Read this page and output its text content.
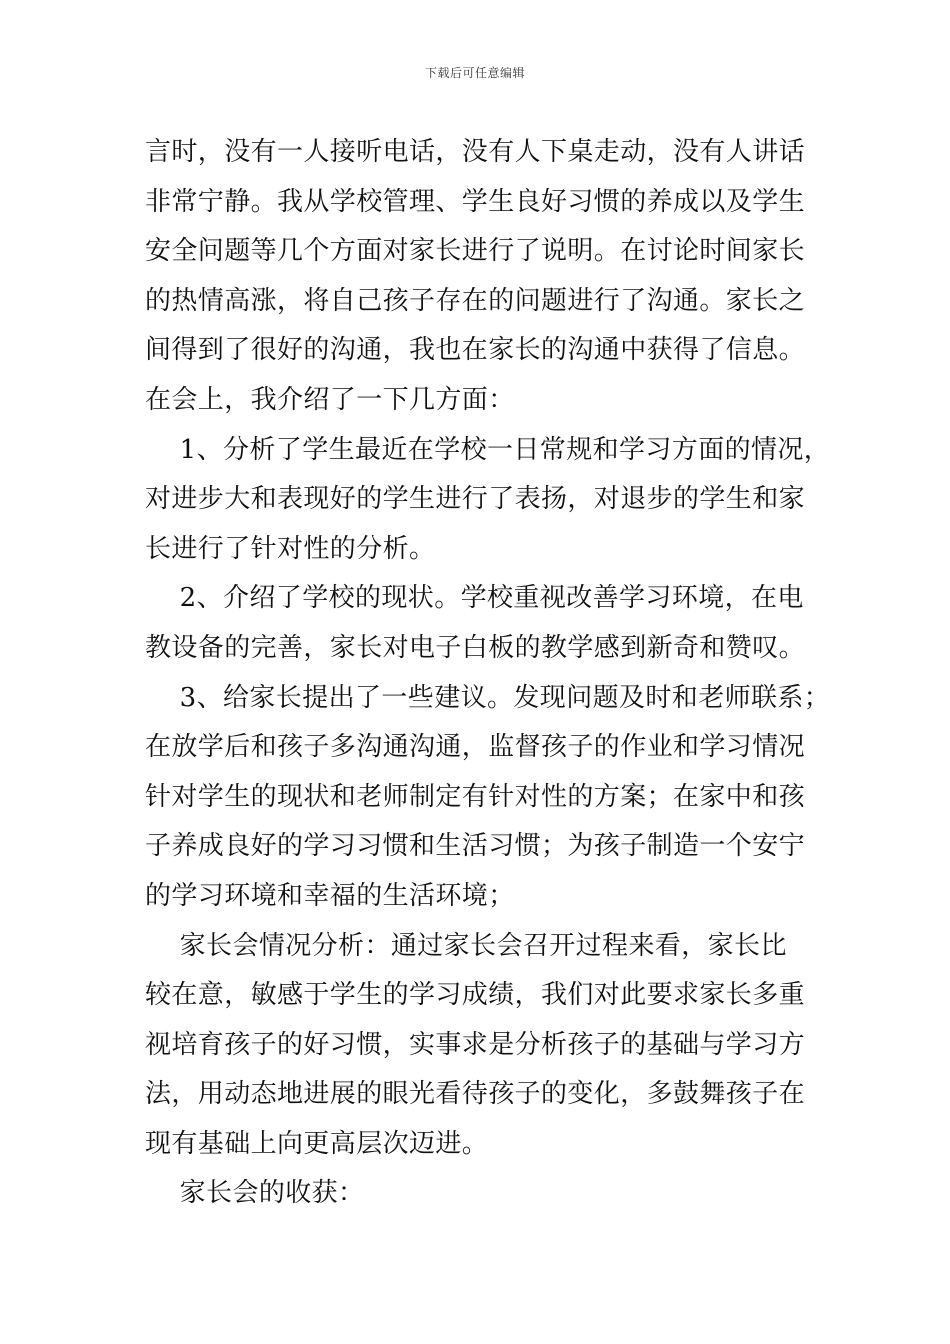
下载后可任意编辑

言时，没有一人接听电话，没有人下桌走动，没有人讲话

非常宁静。我从学校管理、学生良好习惯的养成以及学生

安全问题等几个方面对家长进行了说明。在讨论时间家长

的热情高涨，将自己孩子存在的问题进行了沟通。家长之

间得到了很好的沟通，我也在家长的沟通中获得了信息。

在会上，我介绍了一下几方面：

1、分析了学生最近在学校一日常规和学习方面的情况，

对进步大和表现好的学生进行了表扬，对退步的学生和家

长进行了针对性的分析。

2、介绍了学校的现状。学校重视改善学习环境，在电

教设备的完善，家长对电子白板的教学感到新奇和赞叹。

3、给家长提出了一些建议。发现问题及时和老师联系；

在放学后和孩子多沟通沟通，监督孩子的作业和学习情况

针对学生的现状和老师制定有针对性的方案；在家中和孩

子养成良好的学习习惯和生活习惯；为孩子制造一个安宁

的学习环境和幸福的生活环境；

家长会情况分析：通过家长会召开过程来看，家长比

较在意，敏感于学生的学习成绩，我们对此要求家长多重

视培育孩子的好习惯，实事求是分析孩子的基础与学习方

法，用动态地进展的眼光看待孩子的变化，多鼓舞孩子在

现有基础上向更高层次迈进。

家长会的收获：
